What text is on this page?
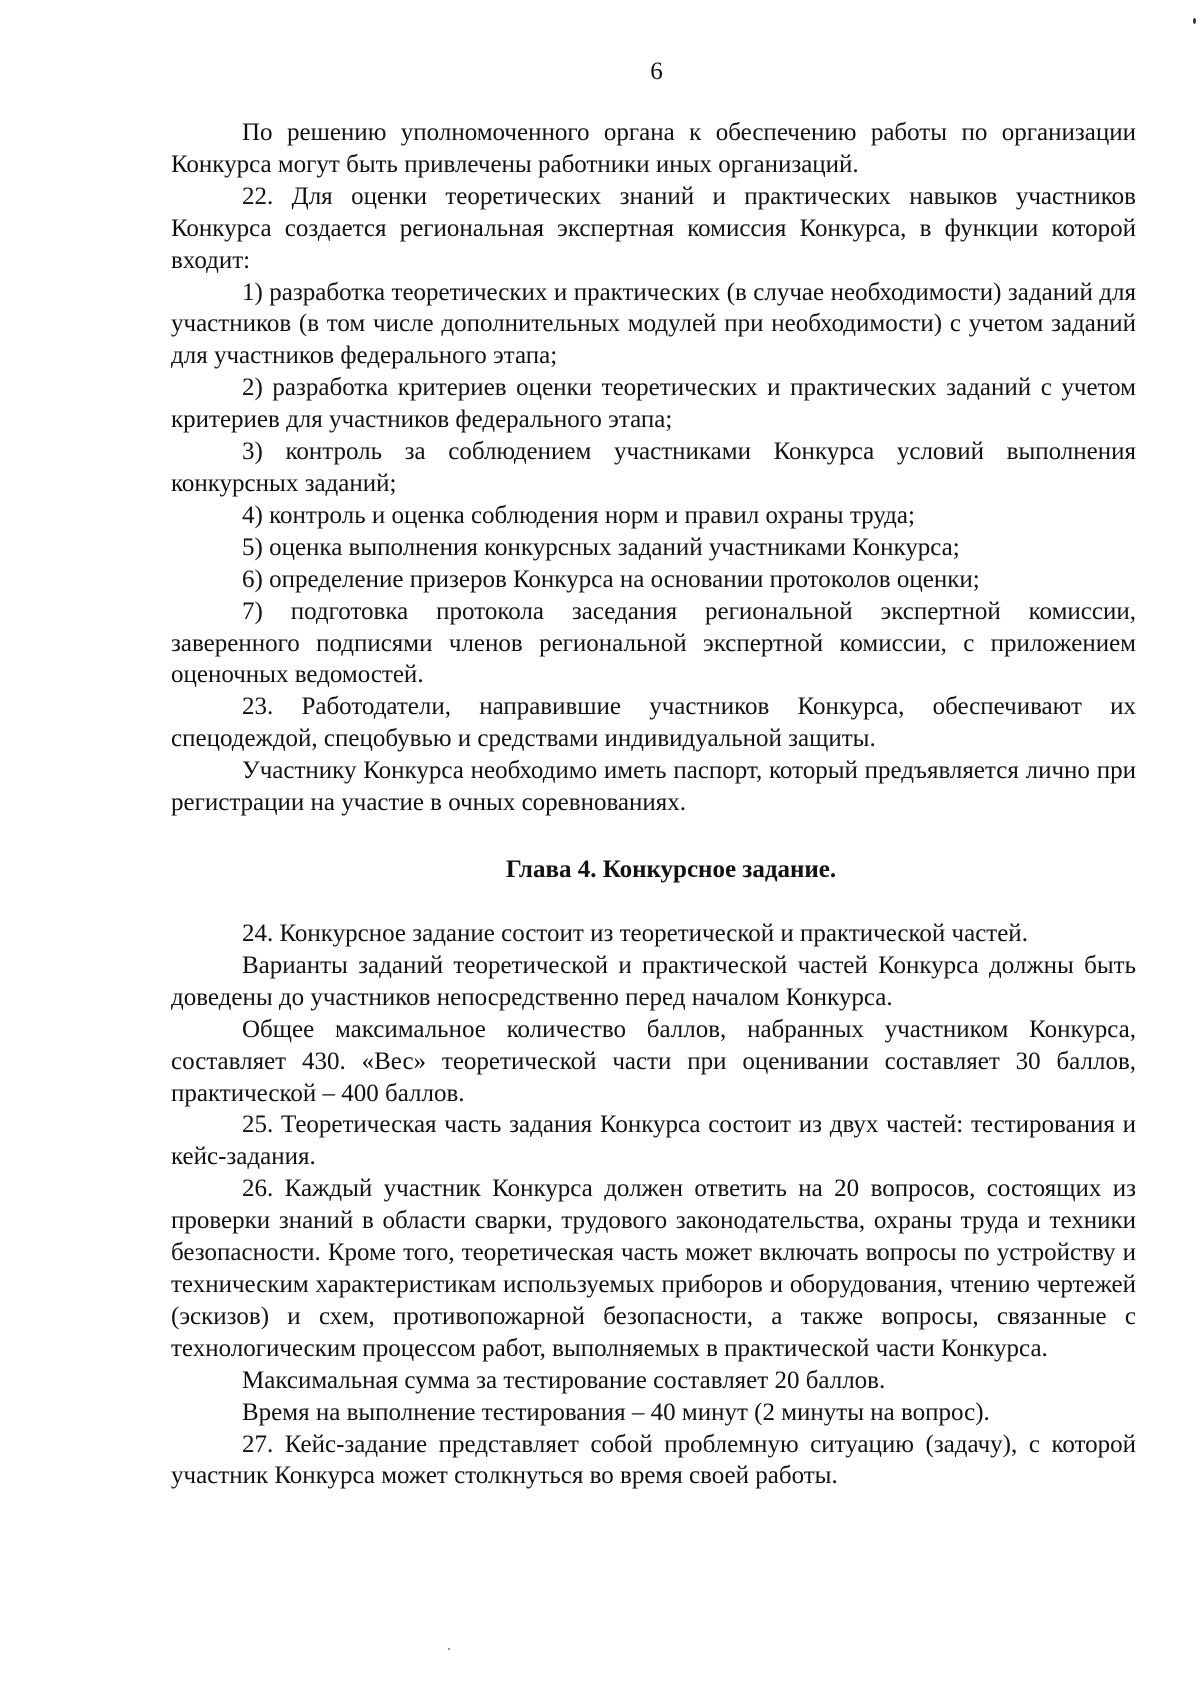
6

По решению уполномоченного органа к обеспечению работы по организации Конкурса могут быть привлечены работники иных организаций.

22. Для оценки теоретических знаний и практических навыков участников Конкурса создается региональная экспертная комиссия Конкурса, в функции которой входит:

1) разработка теоретических и практических (в случае необходимости) заданий для участников (в том числе дополнительных модулей при необходимости) с учетом заданий для участников федерального этапа;

2) разработка критериев оценки теоретических и практических заданий с учетом критериев для участников федерального этапа;

3) контроль за соблюдением участниками Конкурса условий выполнения конкурсных заданий;

4) контроль и оценка соблюдения норм и правил охраны труда;

5) оценка выполнения конкурсных заданий участниками Конкурса;

6) определение призеров Конкурса на основании протоколов оценки;

7) подготовка протокола заседания региональной экспертной комиссии, заверенного подписями членов региональной экспертной комиссии, с приложением оценочных ведомостей.

23. Работодатели, направившие участников Конкурса, обеспечивают их спецодеждой, спецобувью и средствами индивидуальной защиты.

Участнику Конкурса необходимо иметь паспорт, который предъявляется лично при регистрации на участие в очных соревнованиях.

Глава 4. Конкурсное задание.

24. Конкурсное задание состоит из теоретической и практической частей.

Варианты заданий теоретической и практической частей Конкурса должны быть доведены до участников непосредственно перед началом Конкурса.

Общее максимальное количество баллов, набранных участником Конкурса, составляет 430. «Вес» теоретической части при оценивании составляет 30 баллов, практической – 400 баллов.

25. Теоретическая часть задания Конкурса состоит из двух частей: тестирования и кейс-задания.

26. Каждый участник Конкурса должен ответить на 20 вопросов, состоящих из проверки знаний в области сварки, трудового законодательства, охраны труда и техники безопасности. Кроме того, теоретическая часть может включать вопросы по устройству и техническим характеристикам используемых приборов и оборудования, чтению чертежей (эскизов) и схем, противопожарной безопасности, а также вопросы, связанные с технологическим процессом работ, выполняемых в практической части Конкурса.

Максимальная сумма за тестирование составляет 20 баллов.

Время на выполнение тестирования – 40 минут (2 минуты на вопрос).

27. Кейс-задание представляет собой проблемную ситуацию (задачу), с которой участник Конкурса может столкнуться во время своей работы.
